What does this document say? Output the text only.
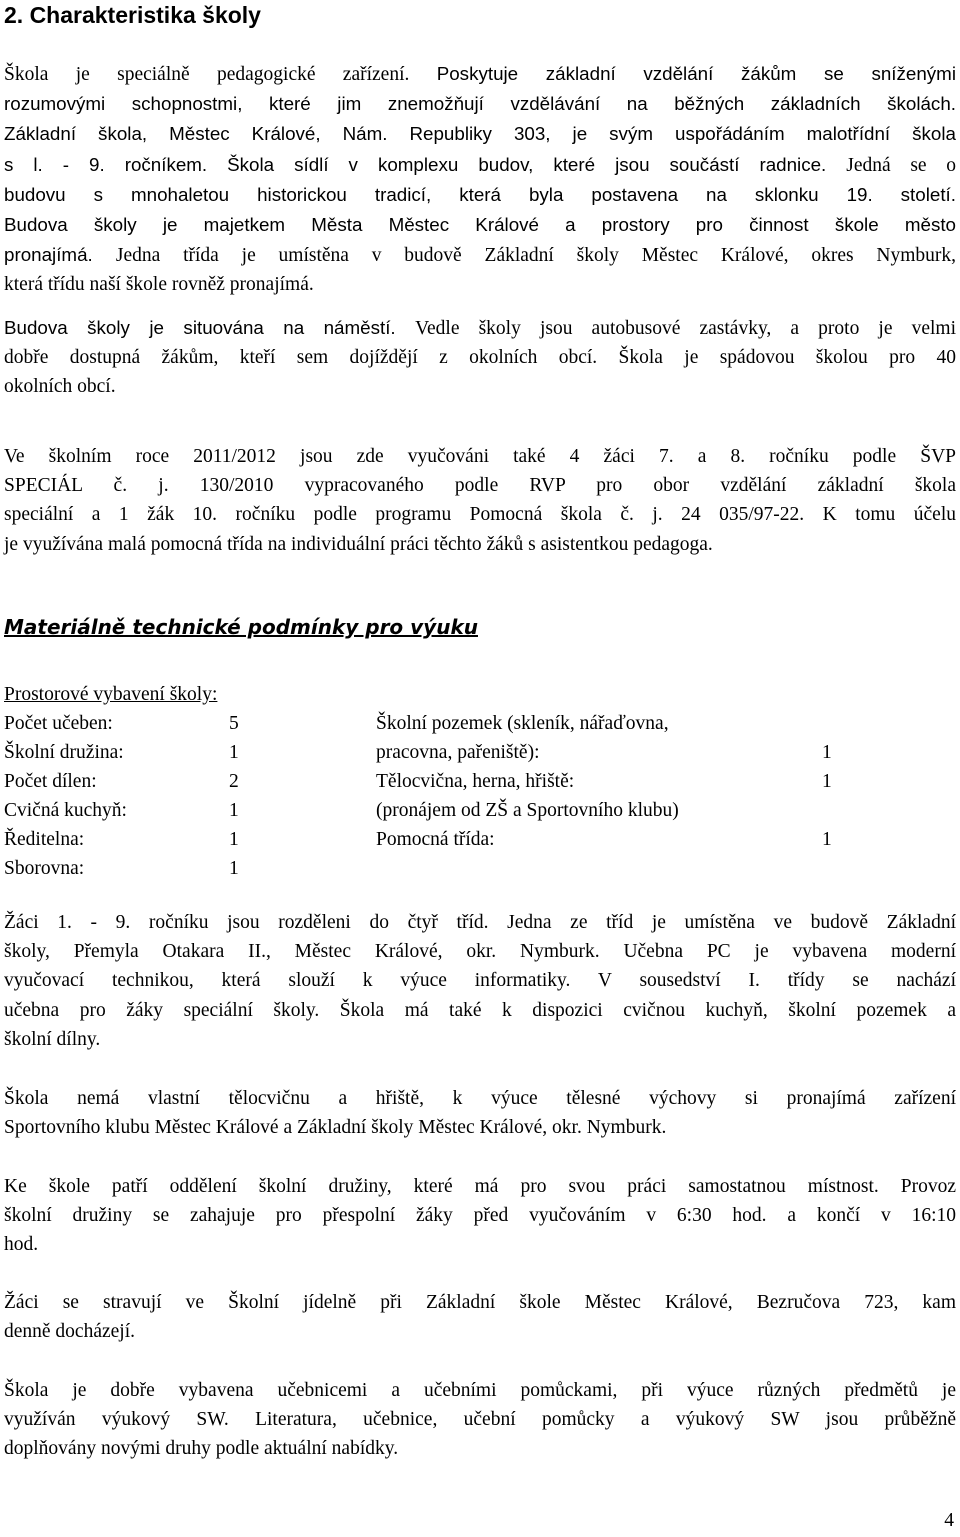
2. Charakteristika školy
Škola je speciálně pedagogické zařízení. Poskytuje základní vzdělání žákům se sníženými
rozumovými schopnostmi, které jim znemožňují vzdělávání na běžných základních školách.
Základní škola, Městec Králové, Nám. Republiky 303, je svým uspořádáním malotřídní škola
s l. - 9. ročníkem. Škola sídlí v komplexu budov, které jsou součástí radnice. Jedná se o
budovu s mnohaletou historickou tradicí, která byla postavena na sklonku 19. století.
Budova školy je majetkem Města Městec Králové a prostory pro činnost škole město
pronajímá. Jedna třída je umístěna v budově Základní školy Městec Králové, okres Nymburk,
která třídu naší škole rovněž pronajímá.
Budova školy je situována na náměstí. Vedle školy jsou autobusové zastávky, a proto je velmi
dobře dostupná žákům, kteří sem dojíždějí z okolních obcí. Škola je spádovou školou pro 40
okolních obcí.
Ve školním roce 2011/2012 jsou zde vyučováni také 4 žáci 7. a 8. ročníku podle ŠVP
SPECIÁL č. j. 130/2010 vypracovaného podle RVP pro obor vzdělání základní škola
speciální a 1 žák 10. ročníku podle programu Pomocná škola č. j. 24 035/97-22. K tomu účelu
je využívána malá pomocná třída na individuální práci těchto žáků s asistentkou pedagoga.
Materiálně technické podmínky pro výuku
Prostorové vybavení školy:
Počet učeben:	5	Školní pozemek (skleník, nářaďovna,
Školní družina:	1	pracovna, pařeniště):	1
Počet dílen:	2	Tělocvična, herna, hřiště:	1
Cvičná kuchyň:	1	(pronájem od ZŠ a Sportovního klubu)
Ředitelna:	1	Pomocná třída:	1
Sborovna:	1
Žáci 1. - 9. ročníku jsou rozděleni do čtyř tříd. Jedna ze tříd je umístěna ve budově Základní
školy, Přemyla Otakara II., Městec Králové, okr. Nymburk. Učebna PC je vybavena moderní
vyučovací technikou, která slouží k výuce informatiky. V sousedství I. třídy se nachází
učebna pro žáky speciální školy. Škola má také k dispozici cvičnou kuchyň, školní pozemek a
školní dílny.
Škola nemá vlastní tělocvičnu a hřiště, k výuce tělesné výchovy si pronajímá zařízení
Sportovního klubu Městec Králové a Základní školy Městec Králové, okr. Nymburk.
Ke škole patří oddělení školní družiny, které má pro svou práci samostatnou místnost. Provoz
školní družiny se zahajuje pro přespolní žáky před vyučováním v 6:30 hod. a končí v 16:10
hod.
Žáci se stravují ve Školní jídelně při Základní škole Městec Králové, Bezručova 723, kam
denně docházejí.
Škola je dobře vybavena učebnicemi a učebními pomůckami, při výuce různých předmětů je
využíván výukový SW. Literatura, učebnice, učební pomůcky a výukový SW jsou průběžně
doplňovány novými druhy podle aktuální nabídky.
4
